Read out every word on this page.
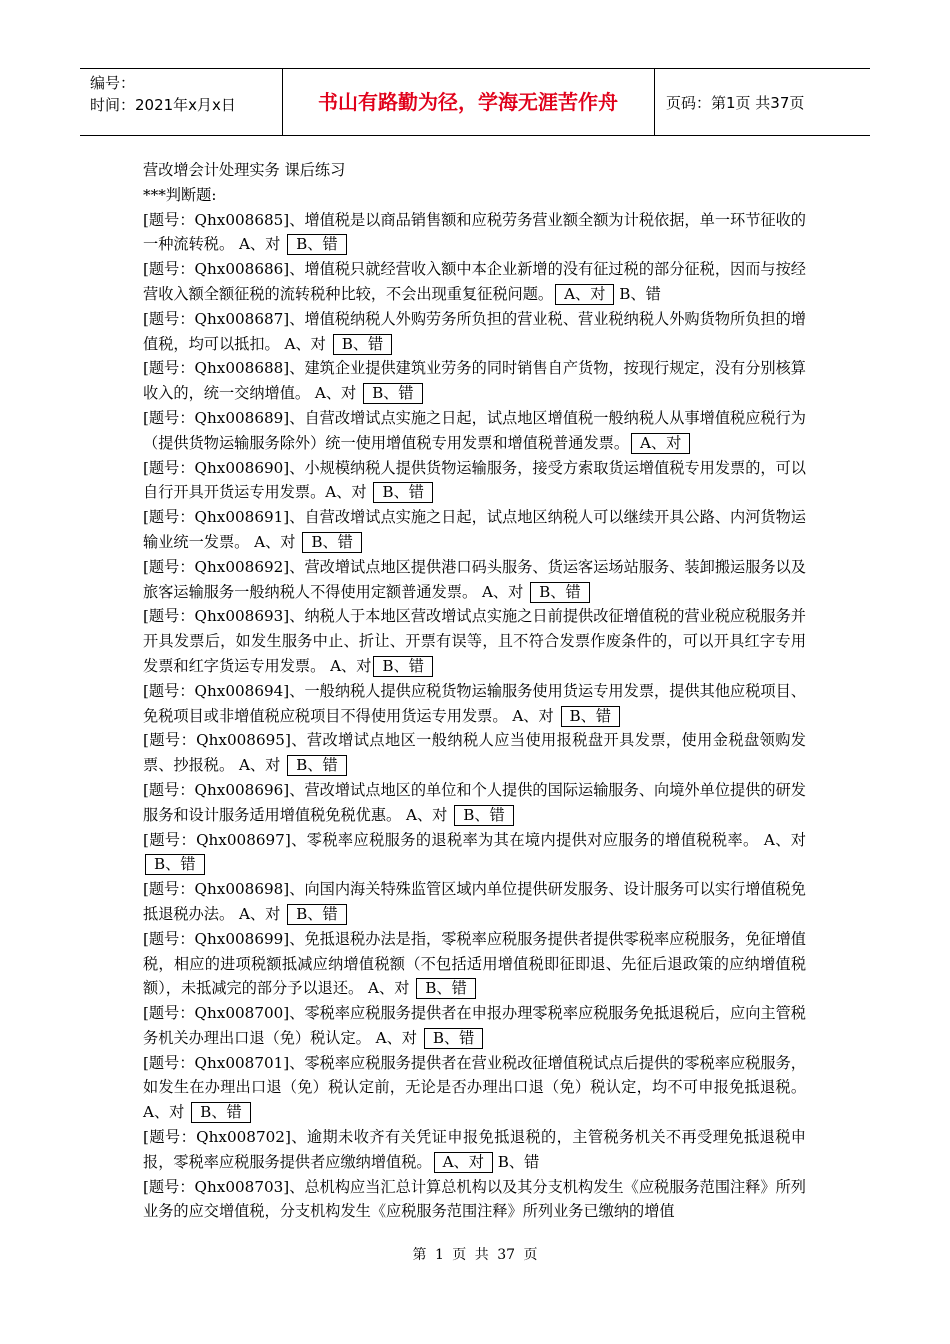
编号：
时间：2021年x月x日	书山有路勤为径，学海无涯苦作舟	页码：第1页 共37页

营改增会计处理实务 课后练习

***判断题:

[题号：Qhx008685]、增值税是以商品销售额和应税劳务营业额全额为计税依据，单一环节征收的一种流转税。 A、对 B、错

[题号：Qhx008686]、增值税只就经营收入额中本企业新增的没有征过税的部分征税，因而与按经营收入额全额征税的流转税种比较，不会出现重复征税问题。 A、对 B、错

[题号：Qhx008687]、增值税纳税人外购劳务所负担的营业税、营业税纳税人外购货物所负担的增值税，均可以抵扣。 A、对 B、错

[题号：Qhx008688]、建筑企业提供建筑业劳务的同时销售自产货物，按现行规定，没有分别核算收入的，统一交纳增值。 A、对 B、错

[题号：Qhx008689]、自营改增试点实施之日起，试点地区增值税一般纳税人从事增值税应税行为（提供货物运输服务除外）统一使用增值税专用发票和增值税普通发票。 A、对

[题号：Qhx008690]、小规模纳税人提供货物运输服务，接受方索取货运增值税专用发票的，可以自行开具开货运专用发票。A、对 B、错

[题号：Qhx008691]、自营改增试点实施之日起，试点地区纳税人可以继续开具公路、内河货物运输业统一发票。 A、对 B、错

[题号：Qhx008692]、营改增试点地区提供港口码头服务、货运客运场站服务、装卸搬运服务以及旅客运输服务一般纳税人不得使用定额普通发票。 A、对 B、错

[题号：Qhx008693]、纳税人于本地区营改增试点实施之日前提供改征增值税的营业税应税服务并开具发票后，如发生服务中止、折让、开票有误等，且不符合发票作废条件的，可以开具红字专用发票和红字货运专用发票。 A、对 B、错

[题号：Qhx008694]、一般纳税人提供应税货物运输服务使用货运专用发票，提供其他应税项目、免税项目或非增值税应税项目不得使用货运专用发票。 A、对 B、错

[题号：Qhx008695]、营改增试点地区一般纳税人应当使用报税盘开具发票，使用金税盘领购发票、抄报税。 A、对 B、错

[题号：Qhx008696]、营改增试点地区的单位和个人提供的国际运输服务、向境外单位提供的研发服务和设计服务适用增值税免税优惠。 A、对 B、错

[题号：Qhx008697]、零税率应税服务的退税率为其在境内提供对应服务的增值税税率。 A、对 B、错

[题号：Qhx008698]、向国内海关特殊监管区域内单位提供研发服务、设计服务可以实行增值税免抵退税办法。 A、对 B、错

[题号：Qhx008699]、免抵退税办法是指，零税率应税服务提供者提供零税率应税服务，免征增值税，相应的进项税额抵减应纳增值税额（不包括适用增值税即征即退、先征后退政策的应纳增值税额），未抵减完的部分予以退还。 A、对 B、错

[题号：Qhx008700]、零税率应税服务提供者在申报办理零税率应税服务免抵退税后，应向主管税务机关办理出口退（免）税认定。 A、对 B、错

[题号：Qhx008701]、零税率应税服务提供者在营业税改征增值税试点后提供的零税率应税服务，如发生在办理出口退（免）税认定前，无论是否办理出口退（免）税认定，均不可申报免抵退税。 A、对 B、错

[题号：Qhx008702]、逾期未收齐有关凭证申报免抵退税的，主管税务机关不再受理免抵退税申报，零税率应税服务提供者应缴纳增值税。 A、对 B、错

[题号：Qhx008703]、总机构应当汇总计算总机构以及其分支机构发生《应税服务范围注释》所列业务的应交增值税，分支机构发生《应税服务范围注释》所列业务已缴纳的增值

第 1 页 共 37 页
